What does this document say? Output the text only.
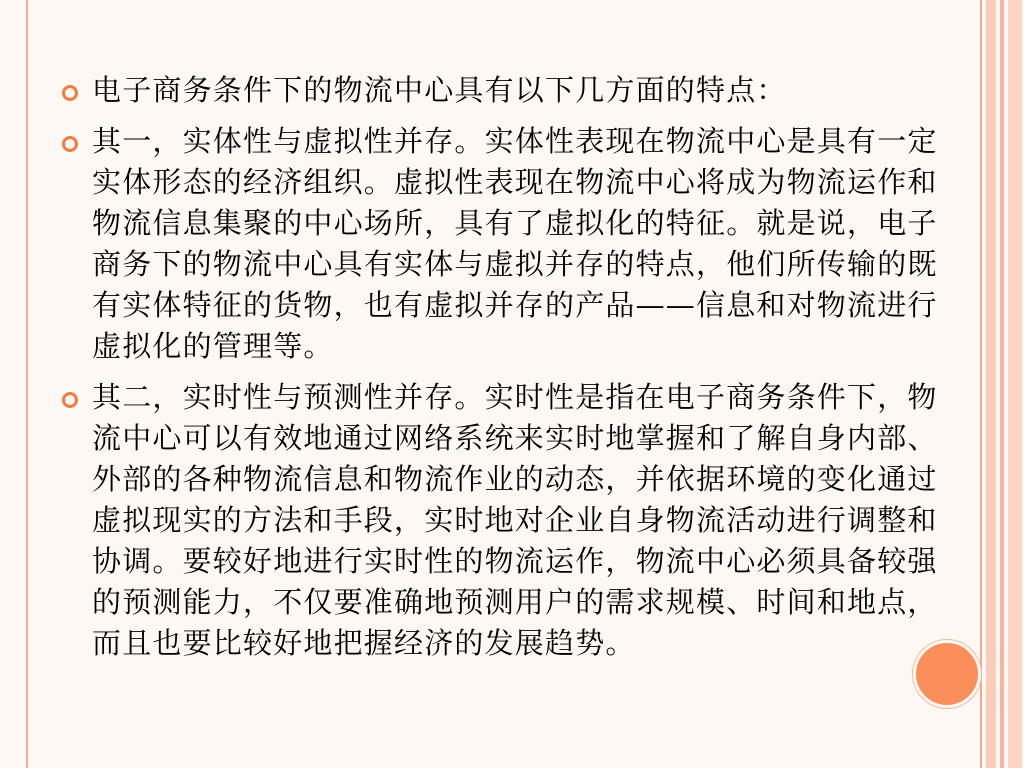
电子商务条件下的物流中心具有以下几方面的特点：
其一，实体性与虚拟性并存。实体性表现在物流中心是具有一定实体形态的经济组织。虚拟性表现在物流中心将成为物流运作和物流信息集聚的中心场所，具有了虚拟化的特征。就是说，电子商务下的物流中心具有实体与虚拟并存的特点，他们所传输的既有实体特征的货物，也有虚拟并存的产品——信息和对物流进行虚拟化的管理等。
其二，实时性与预测性并存。实时性是指在电子商务条件下，物流中心可以有效地通过网络系统来实时地掌握和了解自身内部、外部的各种物流信息和物流作业的动态，并依据环境的变化通过虚拟现实的方法和手段，实时地对企业自身物流活动进行调整和协调。要较好地进行实时性的物流运作，物流中心必须具备较强的预测能力，不仅要准确地预测用户的需求规模、时间和地点，而且也要比较好地把握经济的发展趋势。
